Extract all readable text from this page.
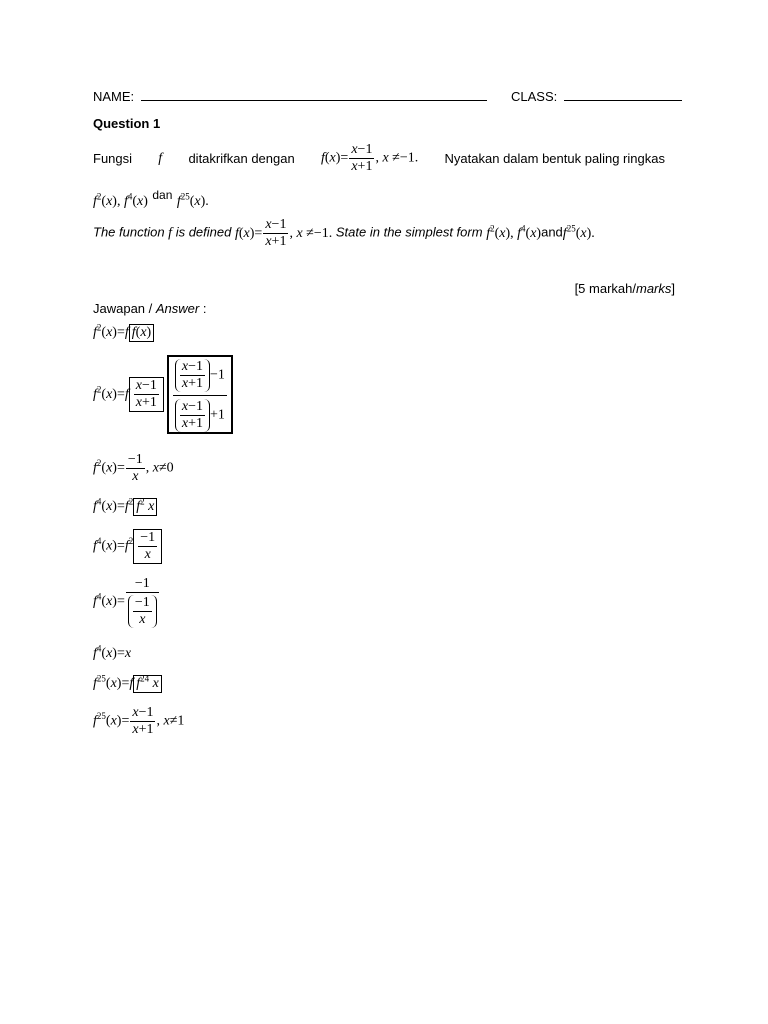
NAME:	CLASS:
Question 1
Fungsi f ditakrifkan dengan $f(x)= \frac{x-1}{x+1}$ , x ≠−1. Nyatakan dalam bentuk paling ringkas
$f^2(x)$, $f^4(x)$ $^{dan}$ $f^{25}(x)$.
The function f is defined $f(x)= \frac{x-1}{x+1}$ , x ≠−1. State in the simplest form $f^2(x)$, $f^4(x)andf^{25}(x)$.
[5 markah/marks]
Jawapan / Answer :
$f^2(x)=f$ f(x)
$f^2(x)=f \frac{x-1}{x+1} \frac{\frac{x-1}{x+1} -1}{\frac{x-1}{x+1} +1}$
$f^2(x)= \frac{-1}{x}$ , x≠0
$f^4(x)=f^2$ $f^2$ x
$f^4(x)=f^2 \frac{-1}{x}$
$f^4(x)= \frac{-1}{\frac{-1}{x}}$
$f^4(x)=x$
$f^{25}(x)=f$ $f^{24}$ x
$f^{25}(x)= \frac{x-1}{x+1}$ , x≠1
